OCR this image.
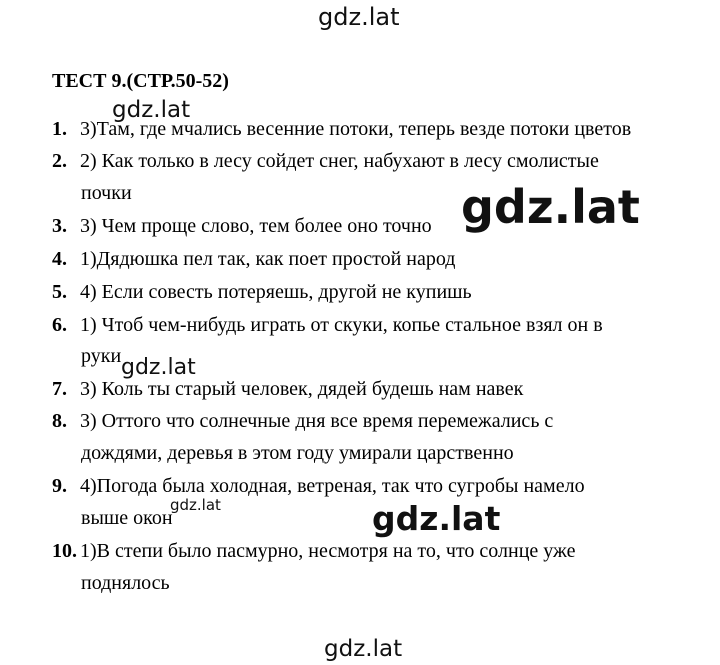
gdz.lat
ТЕСТ 9.(СТР.50-52)
1. 3)Там, где мчались весенние потоки, теперь везде потоки цветов
2. 2) Как только в лесу сойдет снег, набухают в лесу смолистые
почки
3. 3) Чем проще слово, тем более оно точно
4. 1)Дядюшка пел так, как поет простой народ
5. 4) Если совесть потеряешь, другой не купишь
6. 1) Чтоб чем-нибудь играть от скуки, копье стальное взял он в
руки
7. 3) Коль ты старый человек, дядей будешь нам навек
8. 3) Оттого что солнечные дня все время перемежались с
дождями, деревья в этом году умирали царственно
9. 4)Погода была холодная, ветреная, так что сугробы намело
выше окон
10. 1)В степи было пасмурно, несмотря на то, что солнце уже
поднялось
gdz.lat
gdz.lat
gdz.lat
gdz.lat	gdz.lat
gdz.lat
